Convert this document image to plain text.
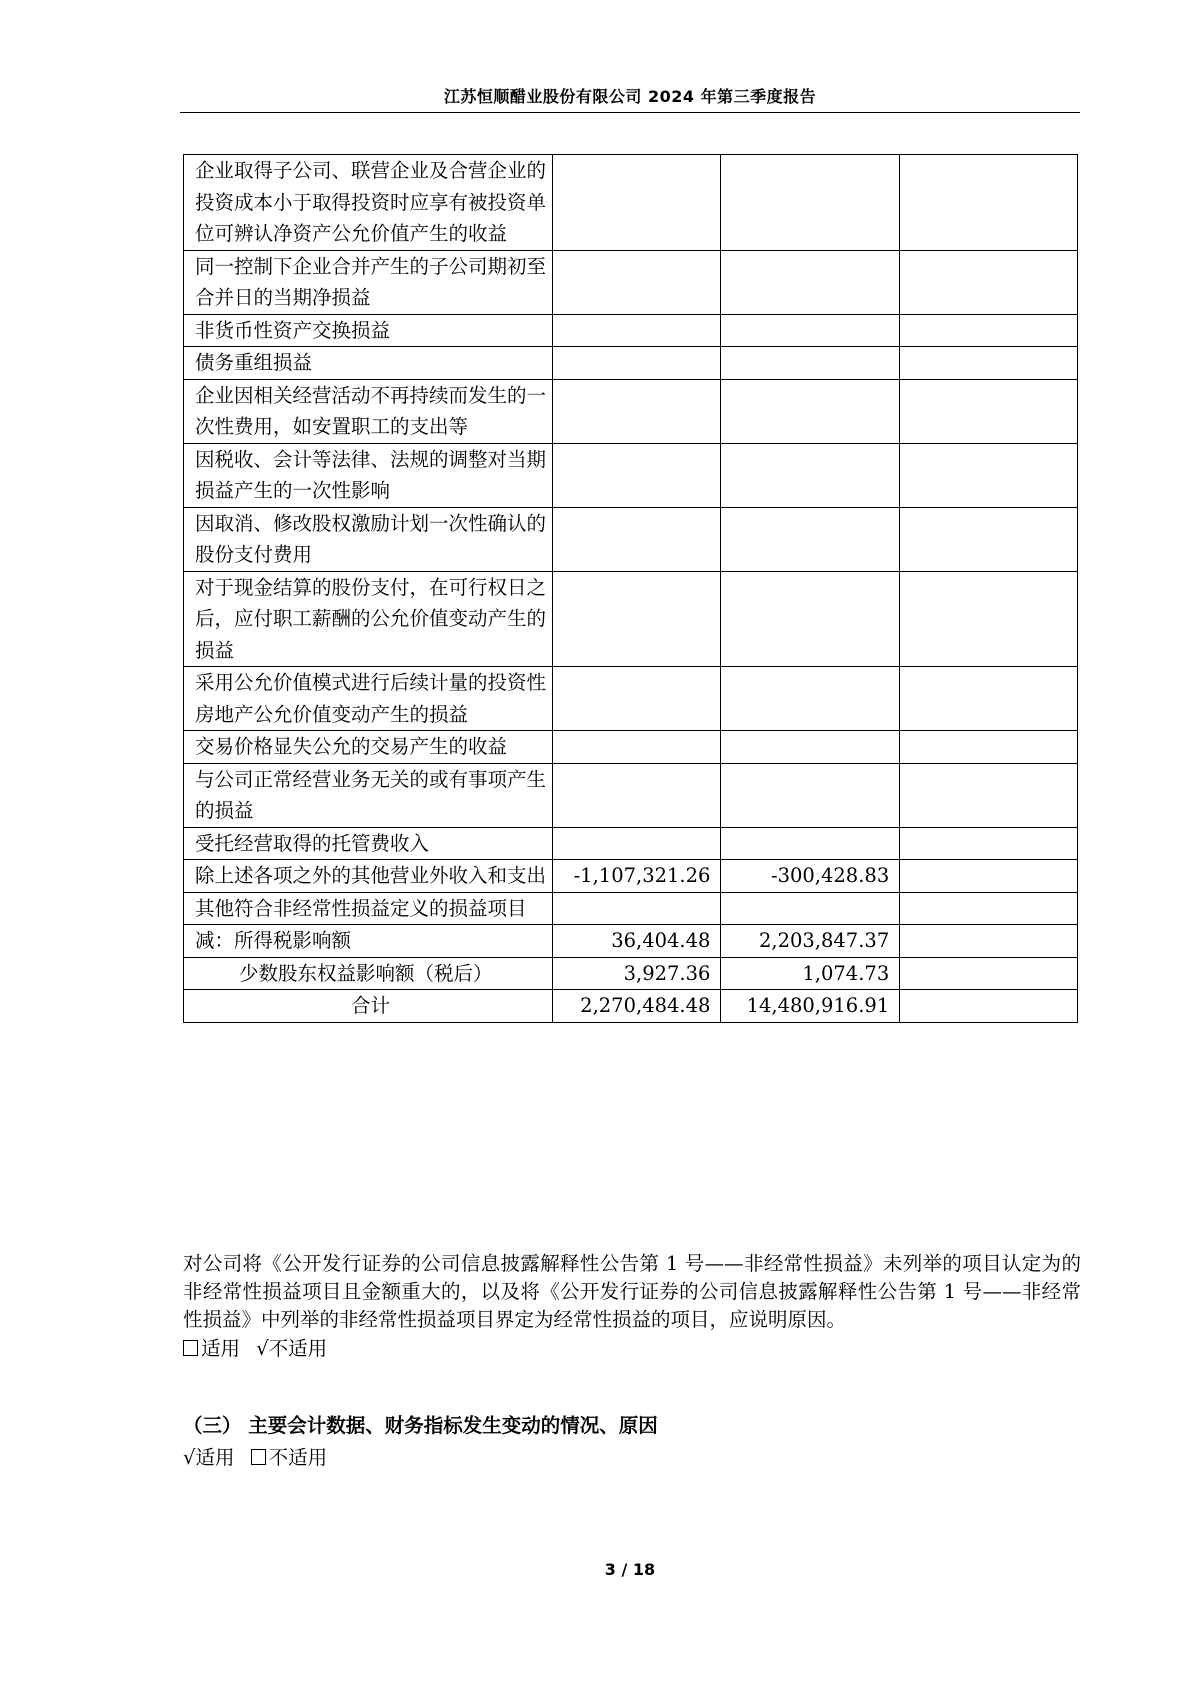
江苏恒顺醋业股份有限公司 2024 年第三季度报告
企业取得子公司、联营企业及合营企业的投资成本小于取得投资时应享有被投资单位可辨认净资产公允价值产生的收益			
同一控制下企业合并产生的子公司期初至合并日的当期净损益			
非货币性资产交换损益			
债务重组损益			
企业因相关经营活动不再持续而发生的一次性费用，如安置职工的支出等			
因税收、会计等法律、法规的调整对当期损益产生的一次性影响			
因取消、修改股权激励计划一次性确认的股份支付费用			
对于现金结算的股份支付，在可行权日之后，应付职工薪酬的公允价值变动产生的损益			
采用公允价值模式进行后续计量的投资性房地产公允价值变动产生的损益			
交易价格显失公允的交易产生的收益			
与公司正常经营业务无关的或有事项产生的损益			
受托经营取得的托管费收入			
除上述各项之外的其他营业外收入和支出	-1,107,321.26	-300,428.83	
其他符合非经常性损益定义的损益项目			
减：所得税影响额	36,404.48	2,203,847.37	
少数股东权益影响额（税后）	3,927.36	1,074.73	
合计	2,270,484.48	14,480,916.91	
对公司将《公开发行证券的公司信息披露解释性公告第 1 号——非经常性损益》未列举的项目认定为的非经常性损益项目且金额重大的，以及将《公开发行证券的公司信息披露解释性公告第 1 号——非经常性损益》中列举的非经常性损益项目界定为经常性损益的项目，应说明原因。
适用 √不适用
（三） 主要会计数据、财务指标发生变动的情况、原因
√适用 不适用
3 / 18
